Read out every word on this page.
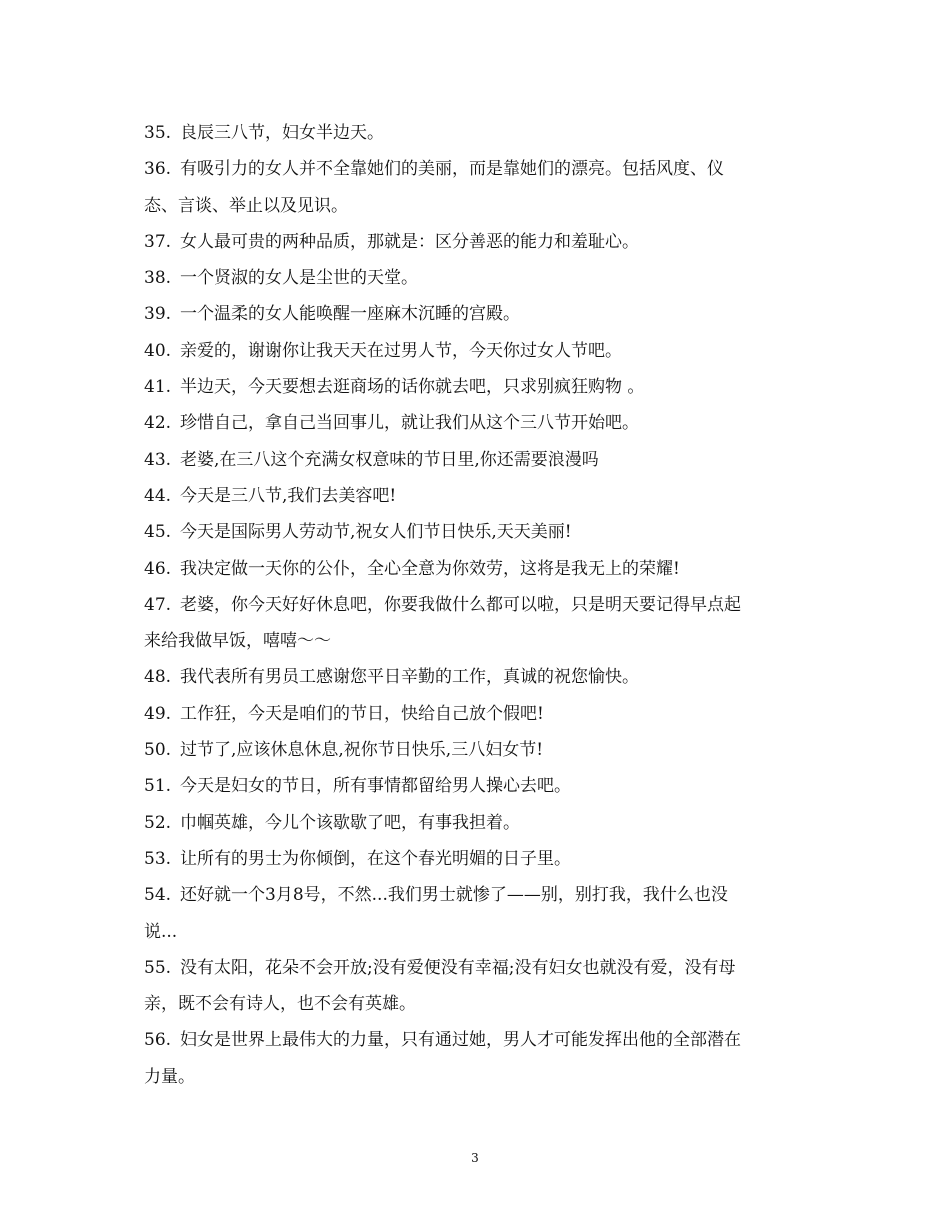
35. 良辰三八节，妇女半边天。
36. 有吸引力的女人并不全靠她们的美丽，而是靠她们的漂亮。包括风度、仪
态、言谈、举止以及见识。
37. 女人最可贵的两种品质，那就是：区分善恶的能力和羞耻心。
38. 一个贤淑的女人是尘世的天堂。
39. 一个温柔的女人能唤醒一座麻木沉睡的宫殿。
40. 亲爱的，谢谢你让我天天在过男人节，今天你过女人节吧。
41. 半边天，今天要想去逛商场的话你就去吧，只求别疯狂购物 。
42. 珍惜自己，拿自己当回事儿，就让我们从这个三八节开始吧。
43. 老婆,在三八这个充满女权意味的节日里,你还需要浪漫吗
44. 今天是三八节,我们去美容吧!
45. 今天是国际男人劳动节,祝女人们节日快乐,天天美丽!
46. 我决定做一天你的公仆，全心全意为你效劳，这将是我无上的荣耀!
47. 老婆，你今天好好休息吧，你要我做什么都可以啦，只是明天要记得早点起
来给我做早饭，嘻嘻～～
48. 我代表所有男员工感谢您平日辛勤的工作，真诚的祝您愉快。
49. 工作狂，今天是咱们的节日，快给自己放个假吧!
50. 过节了,应该休息休息,祝你节日快乐,三八妇女节!
51. 今天是妇女的节日，所有事情都留给男人操心去吧。
52. 巾帼英雄，今儿个该歇歇了吧，有事我担着。
53. 让所有的男士为你倾倒，在这个春光明媚的日子里。
54. 还好就一个3月8号，不然...我们男士就惨了——别，别打我，我什么也没
说...
55. 没有太阳，花朵不会开放;没有爱便没有幸福;没有妇女也就没有爱，没有母
亲，既不会有诗人，也不会有英雄。
56. 妇女是世界上最伟大的力量，只有通过她，男人才可能发挥出他的全部潜在
力量。
3
